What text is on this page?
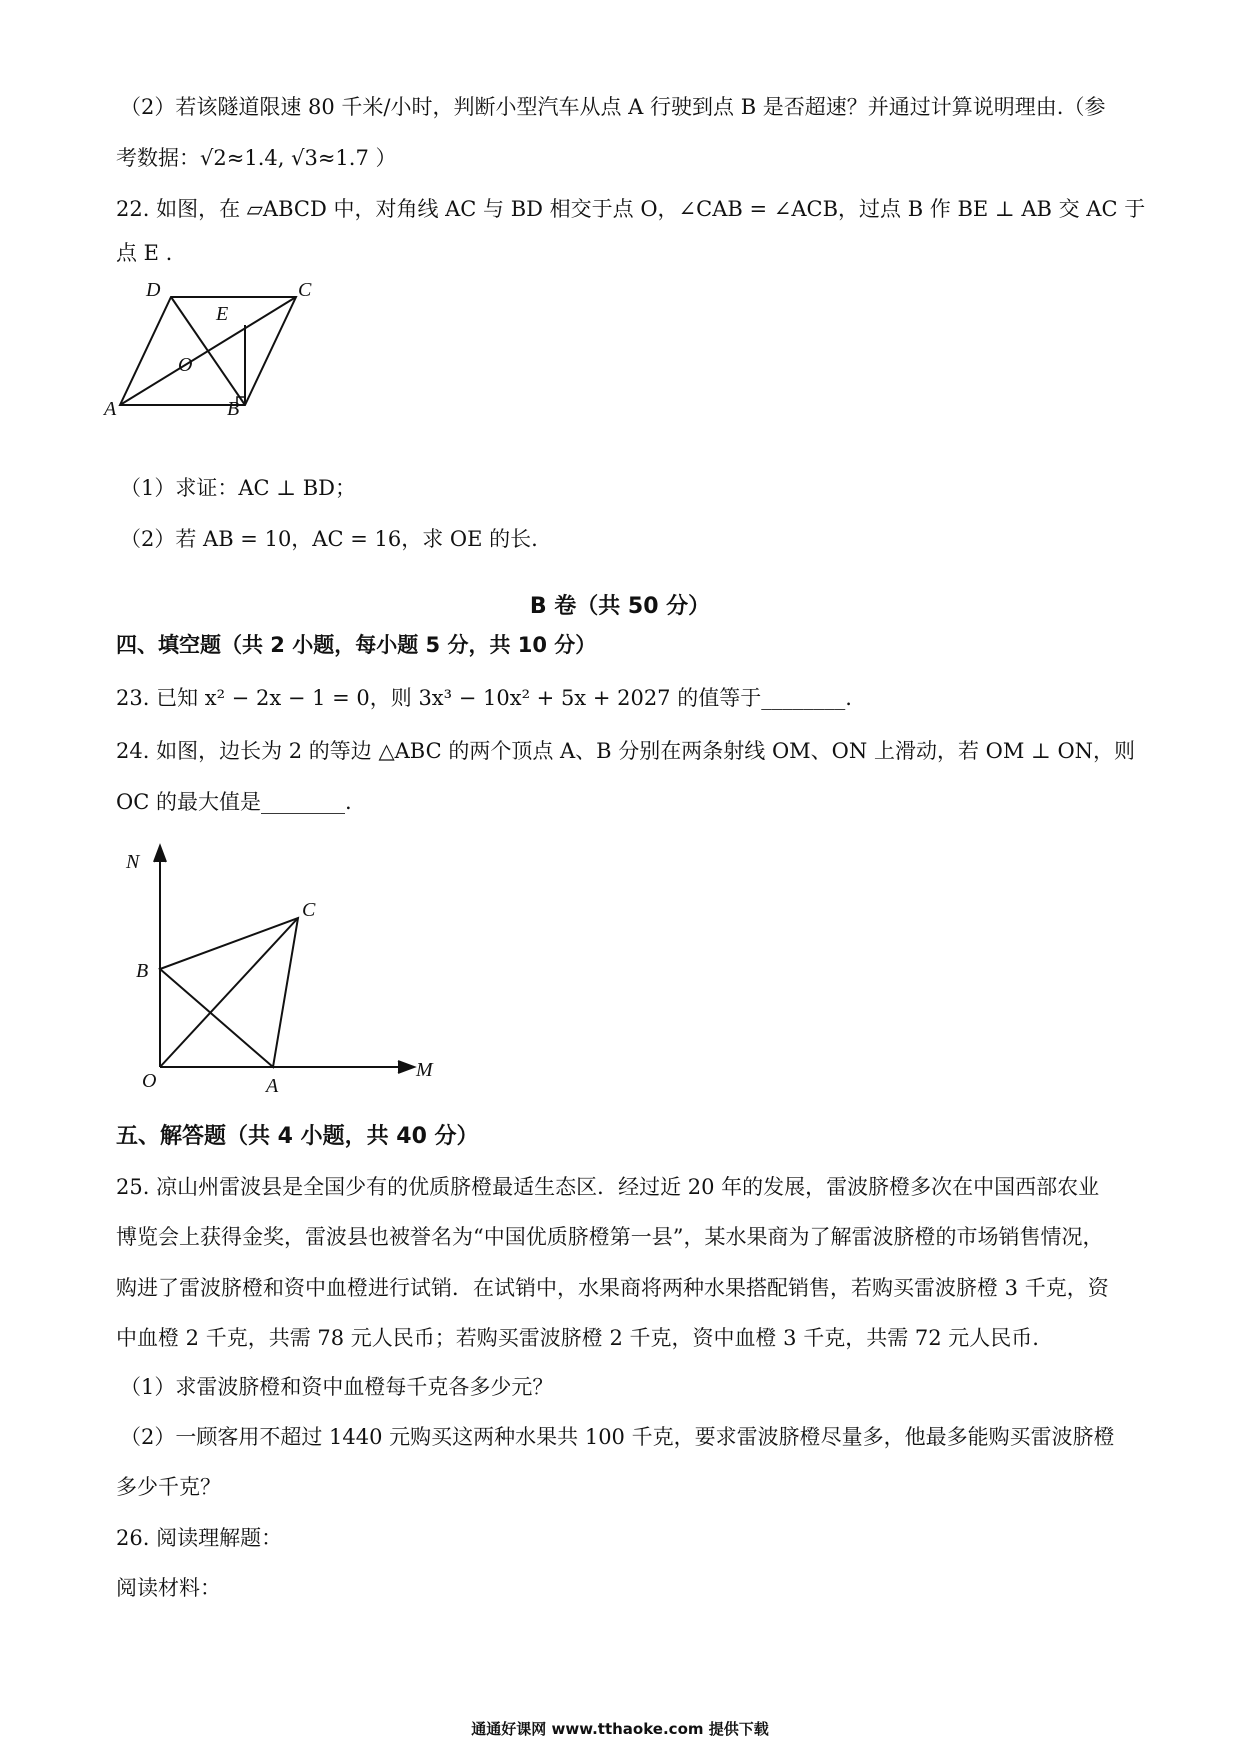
（2）若该隧道限速 80 千米/小时，判断小型汽车从点 A 行驶到点 B 是否超速？并通过计算说明理由.（参
考数据：√2≈1.4, √3≈1.7 ）
22. 如图，在 ▱ABCD 中，对角线 AC 与 BD 相交于点 O，∠CAB = ∠ACB，过点 B 作 BE ⊥ AB 交 AC 于
点 E .
D	C
E
O
A	B
（1）求证：AC ⊥ BD；
（2）若 AB = 10，AC = 16，求 OE 的长.
B 卷（共 50 分）
四、填空题（共 2 小题，每小题 5 分，共 10 分）
23. 已知 x² − 2x − 1 = 0，则 3x³ − 10x² + 5x + 2027 的值等于________.
24. 如图，边长为 2 的等边 △ABC 的两个顶点 A、B 分别在两条射线 OM、ON 上滑动，若 OM ⊥ ON，则
OC 的最大值是________.
N
C
B
O	A
M
五、解答题（共 4 小题，共 40 分）
25. 凉山州雷波县是全国少有的优质脐橙最适生态区．经过近 20 年的发展，雷波脐橙多次在中国西部农业
博览会上获得金奖，雷波县也被誉名为“中国优质脐橙第一县”，某水果商为了解雷波脐橙的市场销售情况，
购进了雷波脐橙和资中血橙进行试销．在试销中，水果商将两种水果搭配销售，若购买雷波脐橙 3 千克，资
中血橙 2 千克，共需 78 元人民币；若购买雷波脐橙 2 千克，资中血橙 3 千克，共需 72 元人民币.
（1）求雷波脐橙和资中血橙每千克各多少元？
（2）一顾客用不超过 1440 元购买这两种水果共 100 千克，要求雷波脐橙尽量多，他最多能购买雷波脐橙
多少千克？
26. 阅读理解题：
阅读材料：
通通好课网 www.tthaoke.com 提供下载
